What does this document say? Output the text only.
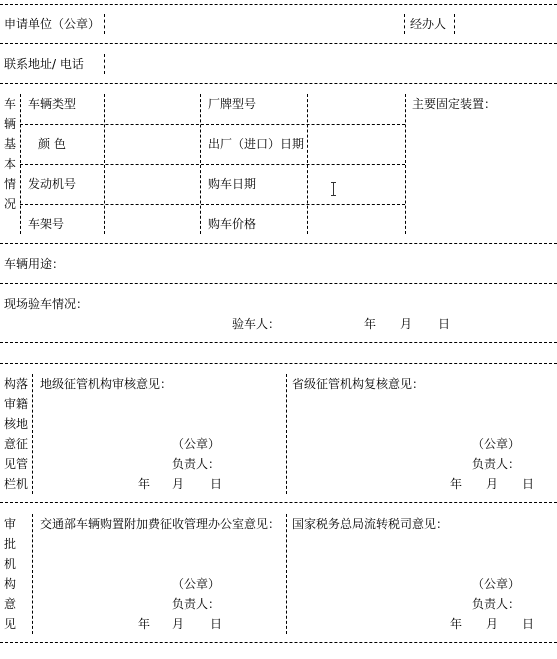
申请单位（公章）	经办人
联系地址/ 电话
车
辆
基
本
情
况
车辆类型	厂牌型号	主要固定装置：
颜 色	出厂（进口）日期
发动机号	购车日期
车架号	购车价格
车辆用途：
现场验车情况：
验车人：	年 月 日
构落
审籍
核地
意征
见管
栏机
地级征管机构审核意见：	省级征管机构复核意见：
（公章）	（公章）
负责人：	负责人：
年 月 日	年 月 日
审
批
机
构
意
见
交通部车辆购置附加费征收管理办公室意见： 国家税务总局流转税司意见：
（公章）	（公章）
负责人：	负责人：
年 月 日	年 月 日
